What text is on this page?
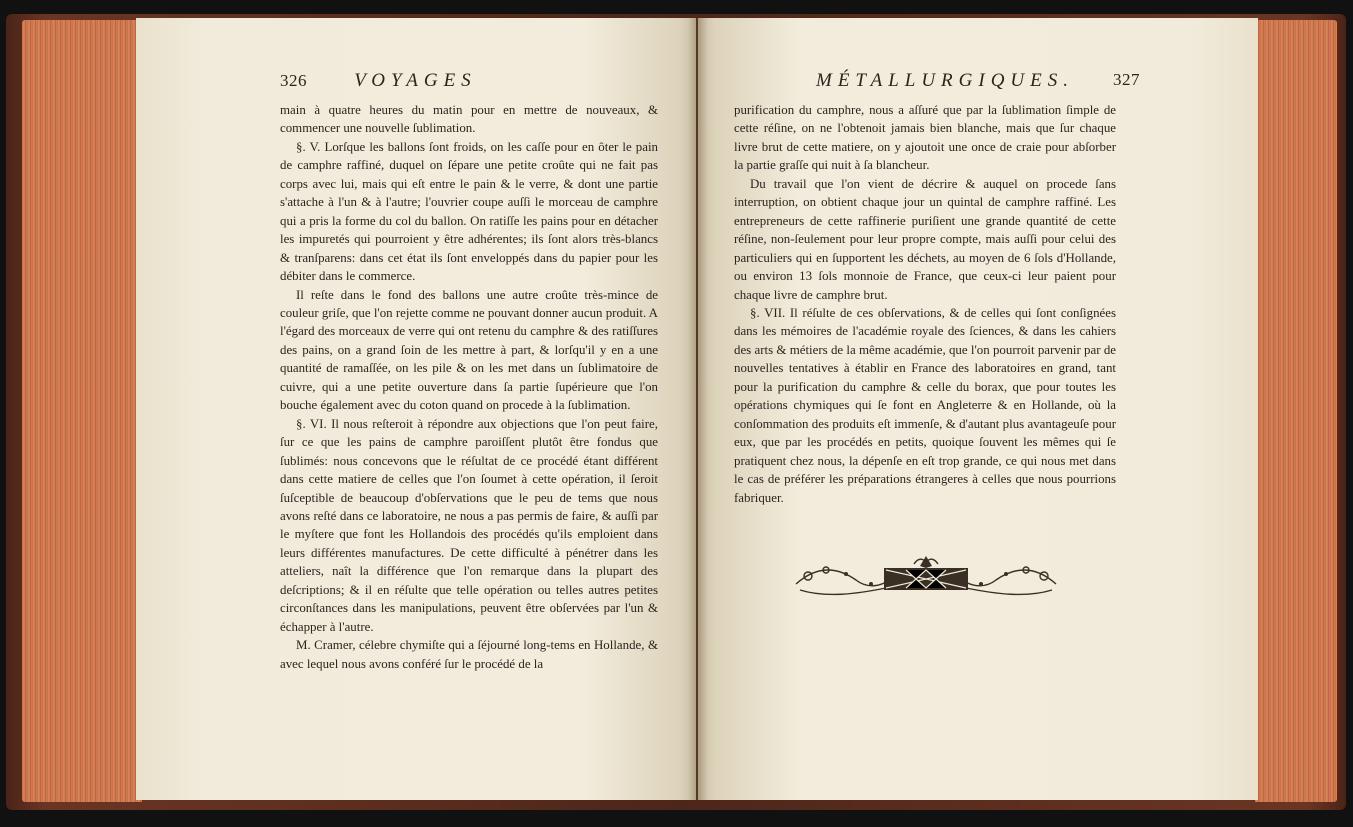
326 VOYAGES

main à quatre heures du matin pour en mettre de nouveaux, & commencer une nouvelle ſublimation.

§. V. Lorſque les ballons ſont froids, on les caſſe pour en ôter le pain de camphre raffiné, duquel on ſépare une petite croûte qui ne fait pas corps avec lui, mais qui eſt entre le pain & le verre, & dont une partie s'attache à l'un & à l'autre; l'ouvrier coupe auſſi le morceau de camphre qui a pris la forme du col du ballon. On ratiſſe les pains pour en détacher les impuretés qui pourroient y être adhérentes; ils ſont alors très-blancs & tranſparens: dans cet état ils ſont enveloppés dans du papier pour les débiter dans le commerce.

Il reſte dans le fond des ballons une autre croûte très-mince de couleur griſe, que l'on rejette comme ne pouvant donner aucun produit. A l'égard des morceaux de verre qui ont retenu du camphre & des ratiſſures des pains, on a grand ſoin de les mettre à part, & lorſqu'il y en a une quantité de ramaſſée, on les pile & on les met dans un ſublimatoire de cuivre, qui a une petite ouverture dans ſa partie ſupérieure que l'on bouche également avec du coton quand on procede à la ſublimation.

§. VI. Il nous reſteroit à répondre aux objections que l'on peut faire, ſur ce que les pains de camphre paroiſſent plutôt être fondus que ſublimés: nous concevons que le réſultat de ce procédé étant différent dans cette matiere de celles que l'on ſoumet à cette opération, il ſeroit ſuſceptible de beaucoup d'obſervations que le peu de tems que nous avons reſté dans ce laboratoire, ne nous a pas permis de faire, & auſſi par le myſtere que font les Hollandois des procédés qu'ils emploient dans leurs différentes manufactures. De cette difficulté à pénétrer dans les atteliers, naît la différence que l'on remarque dans la plupart des deſcriptions; & il en réſulte que telle opération ou telles autres petites circonſtances dans les manipulations, peuvent être obſervées par l'un & échapper à l'autre.

M. Cramer, célebre chymiſte qui a ſéjourné long-tems en Hollande, & avec lequel nous avons conféré ſur le procédé de la

MÉTALLURGIQUES. 327

purification du camphre, nous a aſſuré que par la ſublimation ſimple de cette réſine, on ne l'obtenoit jamais bien blanche, mais que ſur chaque livre brut de cette matiere, on y ajoutoit une once de craie pour abſorber la partie graſſe qui nuit à ſa blancheur.

Du travail que l'on vient de décrire & auquel on procede ſans interruption, on obtient chaque jour un quintal de camphre raffiné. Les entrepreneurs de cette raffinerie puriſient une grande quantité de cette réſine, non-ſeulement pour leur propre compte, mais auſſi pour celui des particuliers qui en ſupportent les déchets, au moyen de 6 ſols d'Hollande, ou environ 13 ſols monnoie de France, que ceux-ci leur paient pour chaque livre de camphre brut.

§. VII. Il réſulte de ces obſervations, & de celles qui ſont conſignées dans les mémoires de l'académie royale des ſciences, & dans les cahiers des arts & métiers de la même académie, que l'on pourroit parvenir par de nouvelles tentatives à établir en France des laboratoires en grand, tant pour la purification du camphre & celle du borax, que pour toutes les opérations chymiques qui ſe font en Angleterre & en Hollande, où la conſommation des produits eſt immenſe, & d'autant plus avantageuſe pour eux, que par les procédés en petits, quoique ſouvent les mêmes qui ſe pratiquent chez nous, la dépenſe en eſt trop grande, ce qui nous met dans le cas de préférer les préparations étrangeres à celles que nous pourrions fabriquer.
